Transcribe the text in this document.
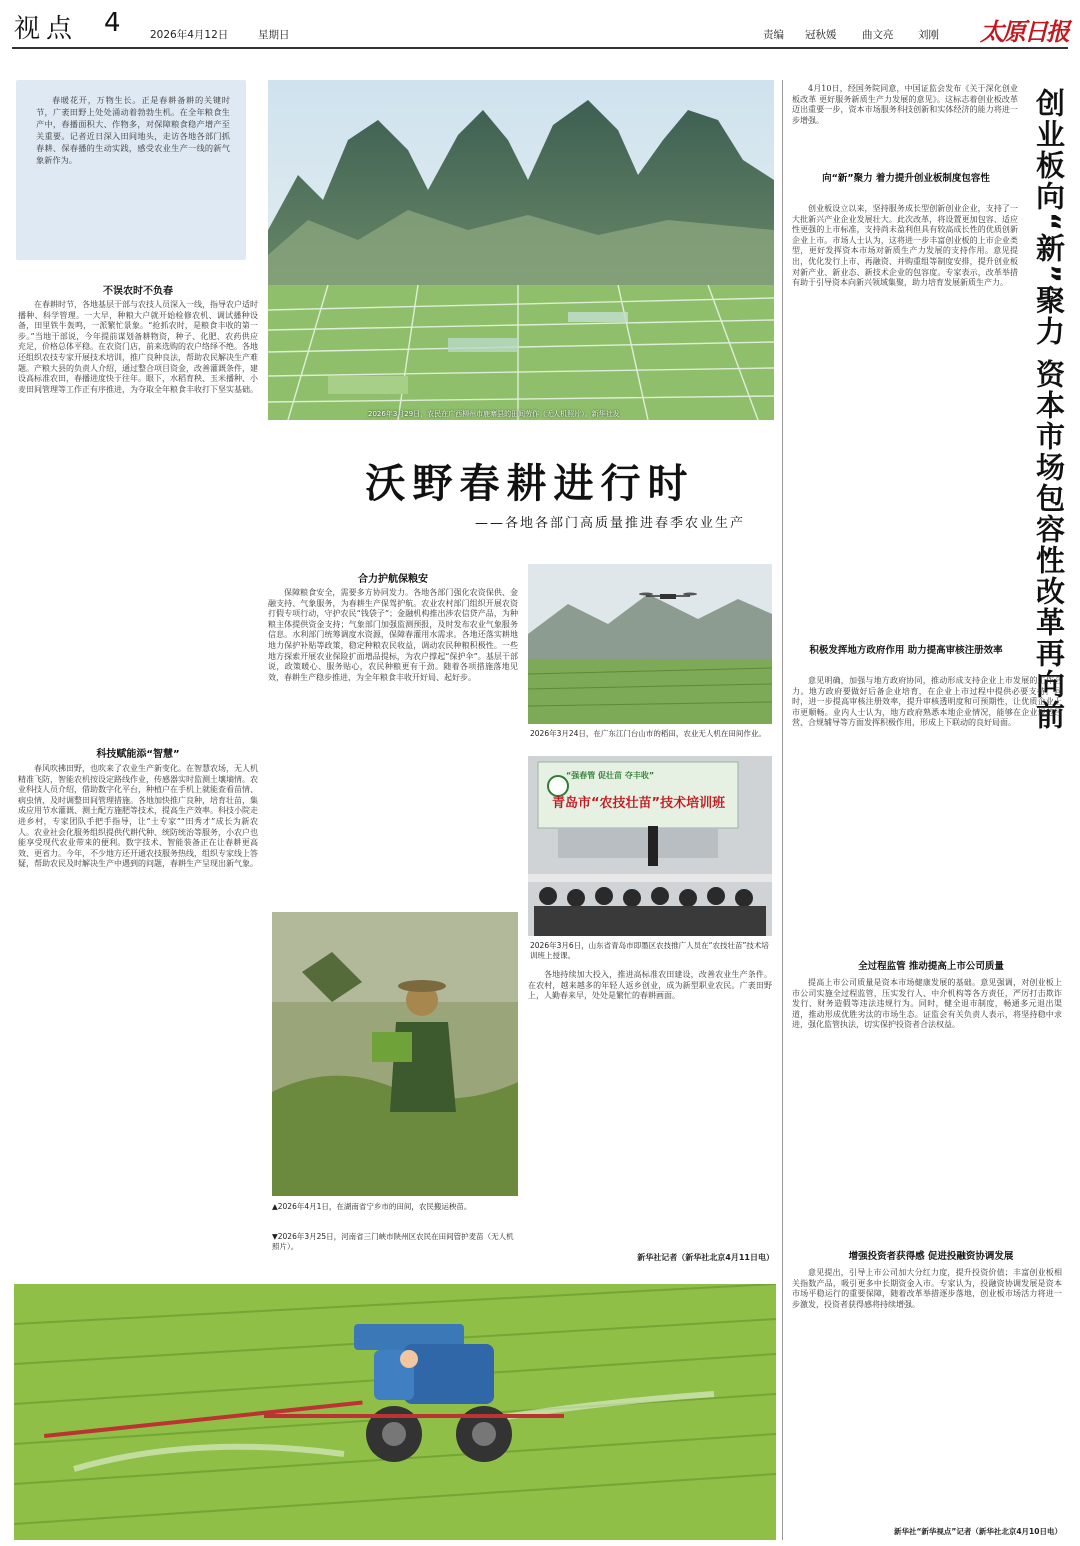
视点 4	2026年4月12日	星期日	责编 冠秋媛 曲文亮 刘刚 太原日报
春暖花开，万物生长。正是春耕备耕的关键时节，广袤田野上处处涌动着勃勃生机。在全年粮食生产中，春播面积大、作物多，对保障粮食稳产增产至关重要。记者近日深入田间地头，走访各地各部门抓春耕、保春播的生动实践，感受农业生产一线的新气象新作为。
2026年3月29日，农民在广西柳州市鹿寨县的田间劳作（无人机照片）。新华社发
沃野春耕进行时
——各地各部门高质量推进春季农业生产
不误农时不负春
在春耕时节，各地基层干部与农技人员深入一线，指导农户适时播种、科学管理。一大早，种粮大户就开始检修农机、调试播种设备，田里铁牛轰鸣，一派繁忙景象。“抢抓农时，是粮食丰收的第一步。”当地干部说，今年提前谋划备耕物资，种子、化肥、农药供应充足，价格总体平稳。在农资门店，前来选购的农户络绎不绝。各地还组织农技专家开展技术培训，推广良种良法，帮助农民解决生产难题。产粮大县的负责人介绍，通过整合项目资金，改善灌溉条件，建设高标准农田，春播进度快于往年。眼下，水稻育秧、玉米播种、小麦田间管理等工作正有序推进，为夺取全年粮食丰收打下坚实基础。
科技赋能添“智慧”
春风吹拂田野，也吹来了农业生产新变化。在智慧农场，无人机精准飞防，智能农机按设定路线作业，传感器实时监测土壤墒情。农业科技人员介绍，借助数字化平台，种植户在手机上就能查看苗情、病虫情，及时调整田间管理措施。各地加快推广良种，培育壮苗，集成应用节水灌溉、测土配方施肥等技术，提高生产效率。科技小院走进乡村，专家团队手把手指导，让“土专家”“田秀才”成长为新农人。农业社会化服务组织提供代耕代种、统防统治等服务，小农户也能享受现代农业带来的便利。数字技术、智能装备正在让春耕更高效、更省力。今年，不少地方还开通农技服务热线，组织专家线上答疑，帮助农民及时解决生产中遇到的问题，春耕生产呈现出新气象。
合力护航保粮安
保障粮食安全，需要多方协同发力。各地各部门强化农资保供、金融支持、气象服务，为春耕生产保驾护航。农业农村部门组织开展农资打假专项行动，守护农民“钱袋子”；金融机构推出涉农信贷产品，为种粮主体提供资金支持；气象部门加强监测预报，及时发布农业气象服务信息。水利部门统筹调度水资源，保障春灌用水需求。各地还落实耕地地力保护补贴等政策，稳定种粮农民收益，调动农民种粮积极性。一些地方探索开展农业保险扩面增品提标，为农户撑起“保护伞”。基层干部说，政策暖心、服务贴心，农民种粮更有干劲。随着各项措施落地见效，春耕生产稳步推进，为全年粮食丰收开好局、起好步。
2026年3月24日，在广东江门台山市的稻田，农业无人机在田间作业。
“强春管 促壮苗 夺丰收”
青岛市“农技壮苗”技术培训班
2026年3月6日，山东省青岛市即墨区农技推广人员在“农技壮苗”技术培训班上授课。
▲2026年4月1日，在湖南省宁乡市的田间，农民搬运秧苗。
▼2026年3月25日，河南省三门峡市陕州区农民在田间管护麦苗（无人机照片）。
各地持续加大投入，推进高标准农田建设，改善农业生产条件。在农村，越来越多的年轻人返乡创业，成为新型职业农民。广袤田野上，人勤春来早，处处是繁忙的春耕画面。
新华社记者（新华社北京4月11日电）
创业板向“新”聚力 资本市场包容性改革再向前
4月10日，经国务院同意，中国证监会发布《关于深化创业板改革 更好服务新质生产力发展的意见》。这标志着创业板改革迈出重要一步，资本市场服务科技创新和实体经济的能力将进一步增强。
向“新”聚力 着力提升创业板制度包容性
创业板设立以来，坚持服务成长型创新创业企业，支持了一大批新兴产业企业发展壮大。此次改革，将设置更加包容、适应性更强的上市标准，支持尚未盈利但具有较高成长性的优质创新企业上市。市场人士认为，这将进一步丰富创业板的上市企业类型，更好发挥资本市场对新质生产力发展的支持作用。意见提出，优化发行上市、再融资、并购重组等制度安排，提升创业板对新产业、新业态、新技术企业的包容度。专家表示，改革举措有助于引导资本向新兴领域集聚，助力培育发展新质生产力。
积极发挥地方政府作用 助力提高审核注册效率
意见明确，加强与地方政府协同，推动形成支持企业上市发展的工作合力。地方政府要做好后备企业培育，在企业上市过程中提供必要支持。同时，进一步提高审核注册效率，提升审核透明度和可预期性，让优质企业上市更顺畅。业内人士认为，地方政府熟悉本地企业情况，能够在企业规范经营、合规辅导等方面发挥积极作用，形成上下联动的良好局面。
全过程监管 推动提高上市公司质量
提高上市公司质量是资本市场健康发展的基础。意见强调，对创业板上市公司实施全过程监管，压实发行人、中介机构等各方责任，严厉打击欺诈发行、财务造假等违法违规行为。同时，健全退市制度，畅通多元退出渠道，推动形成优胜劣汰的市场生态。证监会有关负责人表示，将坚持稳中求进，强化监管执法，切实保护投资者合法权益。
增强投资者获得感 促进投融资协调发展
意见提出，引导上市公司加大分红力度，提升投资价值；丰富创业板相关指数产品，吸引更多中长期资金入市。专家认为，投融资协调发展是资本市场平稳运行的重要保障，随着改革举措逐步落地，创业板市场活力将进一步激发，投资者获得感将持续增强。
新华社“新华视点”记者（新华社北京4月10日电）
